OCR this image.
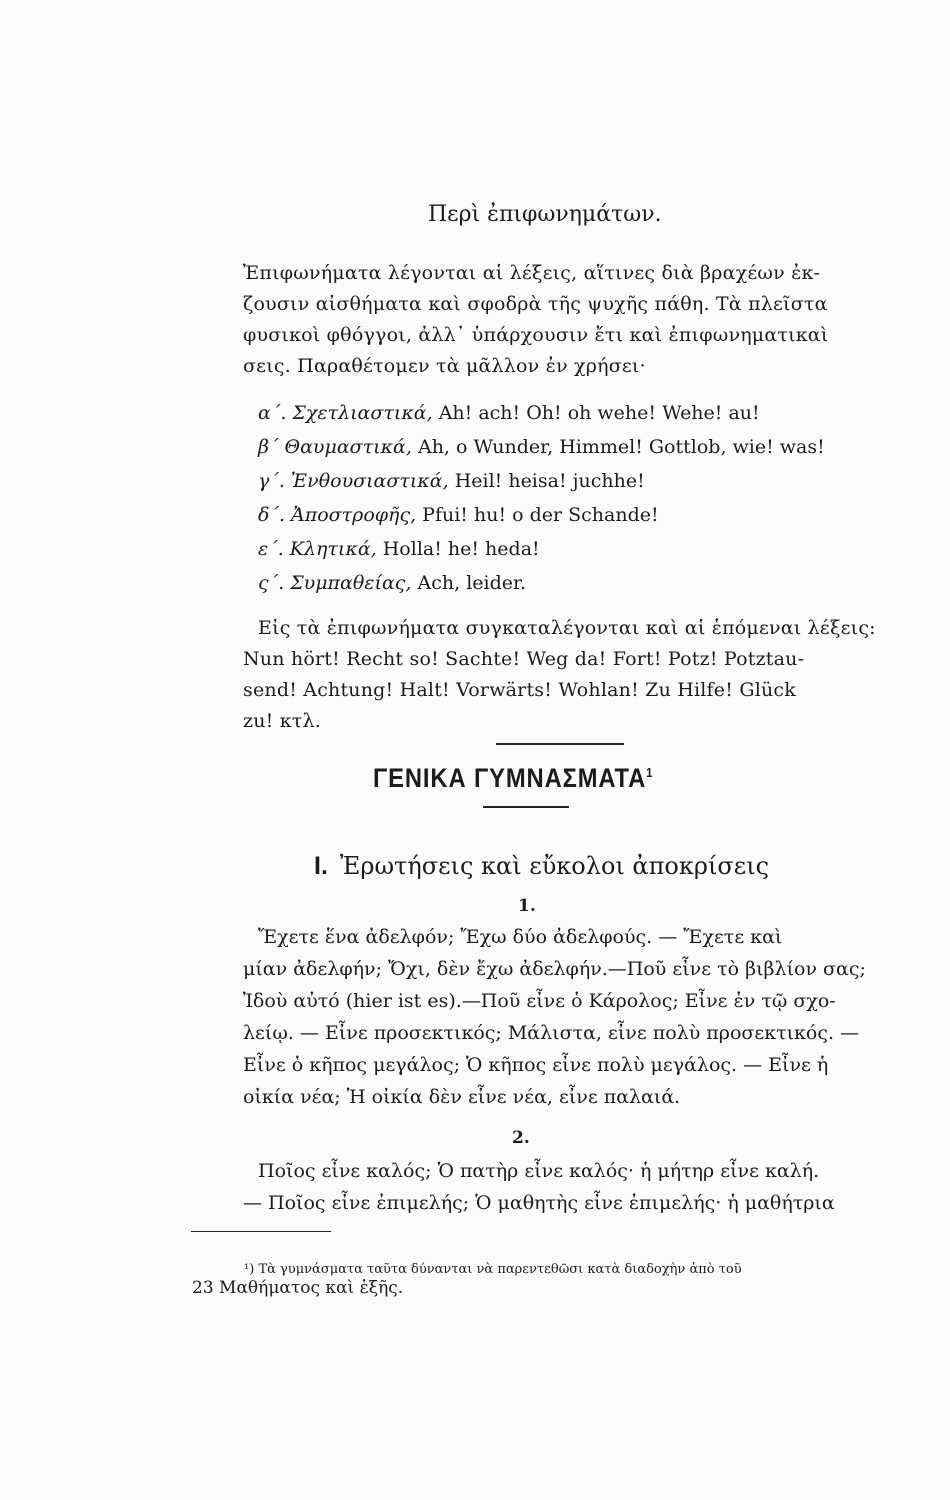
Περὶ ἐπιφωνημάτων.
Ἐπιφωνήματα λέγονται αἱ λέξεις, αἵτινες διὰ βραχέων ἐκ-
ζουσιν αἰσθήματα καὶ σφοδρὰ τῆς ψυχῆς πάθη. Τὰ πλεῖστα
φυσικοὶ φθόγγοι, ἀλλ᾽ ὑπάρχουσιν ἔτι καὶ ἐπιφωνηματικαὶ
σεις. Παραθέτομεν τὰ μᾶλλον ἐν χρήσει·
α΄. Σχετλιαστικά, Ah! ach! Oh! oh wehe! Wehe! au!
β΄ Θαυμαστικά, Ah, o Wunder, Himmel! Gottlob, wie! was!
γ΄. Ἐνθουσιαστικά, Heil! heisa! juchhe!
δ΄. Ἀποστροφῆς, Pfui! hu! o der Schande!
ε΄. Κλητικά, Holla! he! heda!
ς΄. Συμπαθείας, Ach, leider.
Εἰς τὰ ἐπιφωνήματα συγκαταλέγονται καὶ αἱ ἑπόμεναι λέξεις:
Nun hört! Recht so! Sachte! Weg da! Fort! Potz! Potztau-
send! Achtung! Halt! Vorwärts! Wohlan! Zu Hilfe! Glück
zu! κτλ.
ΓΕΝΙΚΑ ΓΥΜΝΑΣΜΑΤΑ$^1$
I. Ἐρωτήσεις καὶ εὔκολοι ἀποκρίσεις
1.
Ἔχετε ἕνα ἀδελφόν; Ἔχω δύο ἀδελφούς. — Ἔχετε καὶ
μίαν ἀδελφήν; Ὄχι, δὲν ἔχω ἀδελφήν.—Ποῦ εἶνε τὸ βιβλίον σας;
Ἰδοὺ αὐτό (hier ist es).—Ποῦ εἶνε ὁ Κάρολος; Εἶνε ἐν τῷ σχο-
λείῳ. — Εἶνε προσεκτικός; Μάλιστα, εἶνε πολὺ προσεκτικός. —
Εἶνε ὁ κῆπος μεγάλος; Ὁ κῆπος εἶνε πολὺ μεγάλος. — Εἶνε ἡ
οἰκία νέα; Ἡ οἰκία δὲν εἶνε νέα, εἶνε παλαιά.
2.
Ποῖος εἶνε καλός; Ὁ πατὴρ εἶνε καλός· ἡ μήτηρ εἶνε καλή.
— Ποῖος εἶνε ἐπιμελής; Ὁ μαθητὴς εἶνε ἐπιμελής· ἡ μαθήτρια
¹) Τὰ γυμνάσματα ταῦτα δύνανται νὰ παρεντεθῶσι κατὰ διαδοχὴν ἀπὸ τοῦ
23 Μαθήματος καὶ ἑξῆς.
